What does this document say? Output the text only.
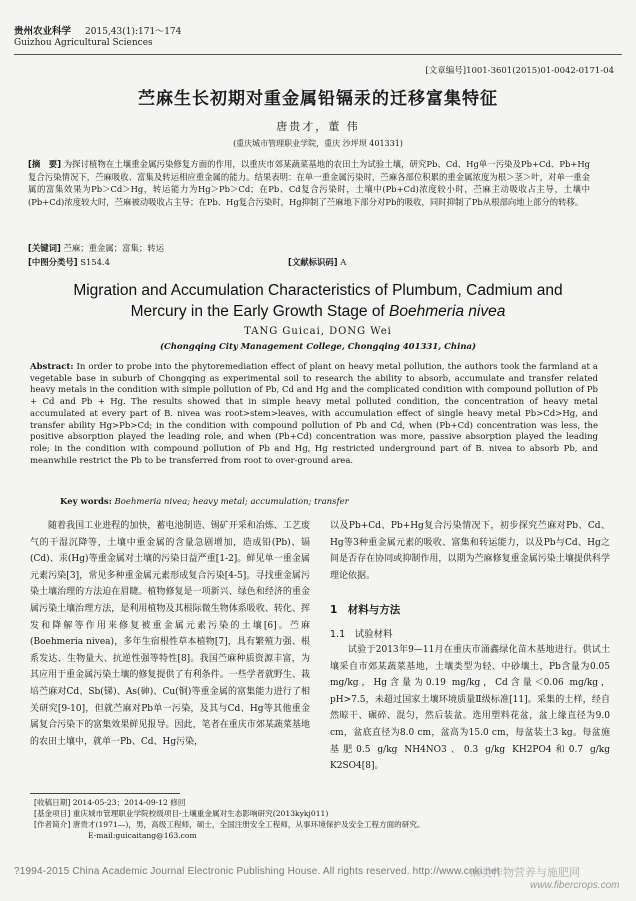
贵州农业科学 2015,43(1):171～174
Guizhou Agricultural Sciences
[文章编号]1001-3601(2015)01-0042-0171-04
苎麻生长初期对重金属铅镉汞的迁移富集特征
唐贵才，董 伟
(重庆城市管理职业学院，重庆 沙坪坝 401331)
[摘　要] 为探讨植物在土壤重金属污染修复方面的作用，以重庆市郊某蔬菜基地的农田土为试验土壤，研究Pb、Cd、Hg单一污染及Pb+Cd、Pb+Hg复合污染情况下，苎麻吸收、富集及转运相应重金属的能力。结果表明：在单一重金属污染时，苎麻各部位积累的重金属浓度为根＞茎＞叶，对单一重金属的富集效果为Pb＞Cd＞Hg，转运能力为Hg＞Pb＞Cd；在Pb、Cd复合污染时，土壤中(Pb+Cd)浓度较小时，苎麻主动吸收占主导，土壤中(Pb+Cd)浓度较大时，苎麻被动吸收占主导；在Pb、Hg复合污染时，Hg抑制了苎麻地下部分对Pb的吸收，同时抑制了Pb从根部向地上部分的转移。
[关键词] 苎麻；重金属；富集；转运
[中图分类号] S154.4	[文献标识码] A
Migration and Accumulation Characteristics of Plumbum, Cadmium and
Mercury in the Early Growth Stage of Boehmeria nivea
TANG Guicai, DONG Wei
(Chongqing City Management College, Chongqing 401331, China)
Abstract: In order to probe into the phytoremediation effect of plant on heavy metal pollution, the authors took the farmland at a vegetable base in suburb of Chongqing as experimental soil to research the ability to absorb, accumulate and transfer related heavy metals in the condition with simple pollution of Pb, Cd and Hg and the complicated condition with compound pollution of Pb + Cd and Pb + Hg. The results showed that in simple heavy metal polluted condition, the concentration of heavy metal accumulated at every part of B. nivea was root>stem>leaves, with accumulation effect of single heavy metal Pb>Cd>Hg, and transfer ability Hg>Pb>Cd; in the condition with compound pollution of Pb and Cd, when (Pb+Cd) concentration was less, the positive absorption played the leading role, and when (Pb+Cd) concentration was more, passive absorption played the leading role; in the condition with compound pollution of Pb and Hg, Hg restricted underground part of B. nivea to absorb Pb, and meanwhile restrict the Pb to be transferred from root to over-ground area.
Key words: Boehmeria nivea; heavy metal; accumulation; transfer
随着我国工业进程的加快，蓄电池制造、锡矿开采和冶炼、工艺废气的干湿沉降等，土壤中重金属的含量急剧增加，造成铅(Pb)、镉(Cd)、汞(Hg)等重金属对土壤的污染日益严重[1-2]。鲜见单一重金属元素污染[3]，常见多种重金属元素形成复合污染[4-5]。寻找重金属污染土壤治理的方法迫在眉睫。植物修复是一项新兴、绿色和经济的重金属污染土壤治理方法，是利用植物及其根际微生物体系吸收、转化、挥发和降解等作用来修复被重金属元素污染的土壤[6]。苎麻(Boehmeria nivea)，多年生宿根性草本植物[7]，具有繁殖力强、根系发达、生物量大、抗逆性强等特性[8]。我国苎麻种质资源丰富，为其应用于重金属污染土壤的修复提供了有利条件。一些学者就野生、栽培苎麻对Cd、Sb(锑)、As(砷)、Cu(铜)等重金属的富集能力进行了相关研究[9-10]，但就苎麻对Pb单一污染，及其与Cd、Hg等其他重金属复合污染下的富集效果鲜见报导。因此，笔者在重庆市郊某蔬菜基地的农田土壤中，就单一Pb、Cd、Hg污染，
以及Pb+Cd、Pb+Hg复合污染情况下，初步探究苎麻对Pb、Cd、Hg等3种重金属元素的吸收、富集和转运能力，以及Pb与Cd、Hg之间是否存在协同或抑制作用，以期为苎麻修复重金属污染土壤提供科学理论依据。
1　材料与方法
1.1　试验材料
试验于2013年9—11月在重庆市涌鑫绿化苗木基地进行。供试土壤采自市郊某蔬菜基地，土壤类型为轻、中砂壤土，Pb含量为0.05 mg/kg，Hg含量为0.19 mg/kg，Cd含量＜0.06 mg/kg，pH>7.5，未超过国家土壤环境质量Ⅱ级标准[11]。采集的土样，经自然晾干、碾碎、混匀，然后装盆。选用塑料花盆，盆上缘直径为9.0 cm，盆底直径为8.0 cm，盆高为15.0 cm，每盆装土3 kg。每盆施基肥0.5 g/kg NH4NO3、0.3 g/kg KH2PO4和0.7 g/kg K2SO4[8]。
[收稿日期] 2014-05-23；2014-09-12 修回
[基金项目] 重庆城市管理职业学院校级项目-土壤重金属对生态影响研究(2013kykj011)
[作者简介] 唐贵才(1971—)，男，高级工程师，硕士，全国注册安全工程师，从事环境保护及安全工程方面的研究。
E-mail:guicaitang@163.com
?1994-2015 China Academic Journal Electronic Publishing House. All rights reserved. http://www.cnki.net
麻类作物营养与施肥网
www.fibercrops.com
